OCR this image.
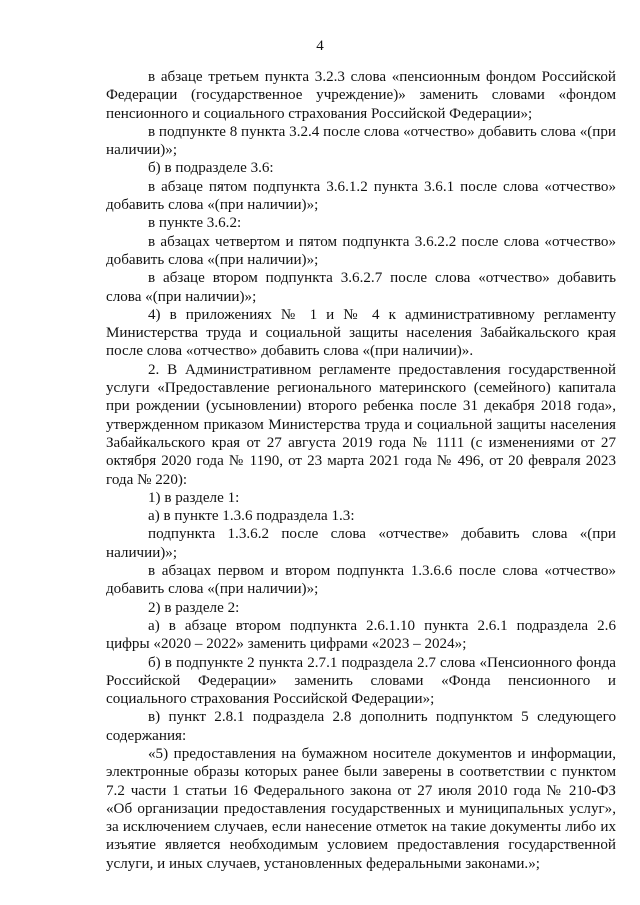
4

в абзаце третьем пункта 3.2.3 слова «пенсионным фондом Российской Федерации (государственное учреждение)» заменить словами «фондом пенсионного и социального страхования Российской Федерации»;

в подпункте 8 пункта 3.2.4 после слова «отчество» добавить слова «(при наличии)»;

б) в подразделе 3.6:

в абзаце пятом подпункта 3.6.1.2 пункта 3.6.1 после слова «отчество» добавить слова «(при наличии)»;

в пункте 3.6.2:

в абзацах четвертом и пятом подпункта 3.6.2.2 после слова «отчество» добавить слова «(при наличии)»;

в абзаце втором подпункта 3.6.2.7 после слова «отчество» добавить слова «(при наличии)»;

4) в приложениях № 1 и № 4 к административному регламенту Министерства труда и социальной защиты населения Забайкальского края после слова «отчество» добавить слова «(при наличии)».

2. В Административном регламенте предоставления государственной услуги «Предоставление регионального материнского (семейного) капитала при рождении (усыновлении) второго ребенка после 31 декабря 2018 года», утвержденном приказом Министерства труда и социальной защиты населения Забайкальского края от 27 августа 2019 года № 1111 (с изменениями от 27 октября 2020 года № 1190, от 23 марта 2021 года № 496, от 20 февраля 2023 года № 220):

1) в разделе 1:

а) в пункте 1.3.6 подраздела 1.3:

подпункта 1.3.6.2 после слова «отчестве» добавить слова «(при наличии)»;

в абзацах первом и втором подпункта 1.3.6.6 после слова «отчество» добавить слова «(при наличии)»;

2) в разделе 2:

а) в абзаце втором подпункта 2.6.1.10 пункта 2.6.1 подраздела 2.6 цифры «2020 – 2022» заменить цифрами «2023 – 2024»;

б) в подпункте 2 пункта 2.7.1 подраздела 2.7 слова «Пенсионного фонда Российской Федерации» заменить словами «Фонда пенсионного и социального страхования Российской Федерации»;

в) пункт 2.8.1 подраздела 2.8 дополнить подпунктом 5 следующего содержания:

«5) предоставления на бумажном носителе документов и информации, электронные образы которых ранее были заверены в соответствии с пунктом 7.2 части 1 статьи 16 Федерального закона от 27 июля 2010 года № 210-ФЗ «Об организации предоставления государственных и муниципальных услуг», за исключением случаев, если нанесение отметок на такие документы либо их изъятие является необходимым условием предоставления государственной услуги, и иных случаев, установленных федеральными законами.»;
